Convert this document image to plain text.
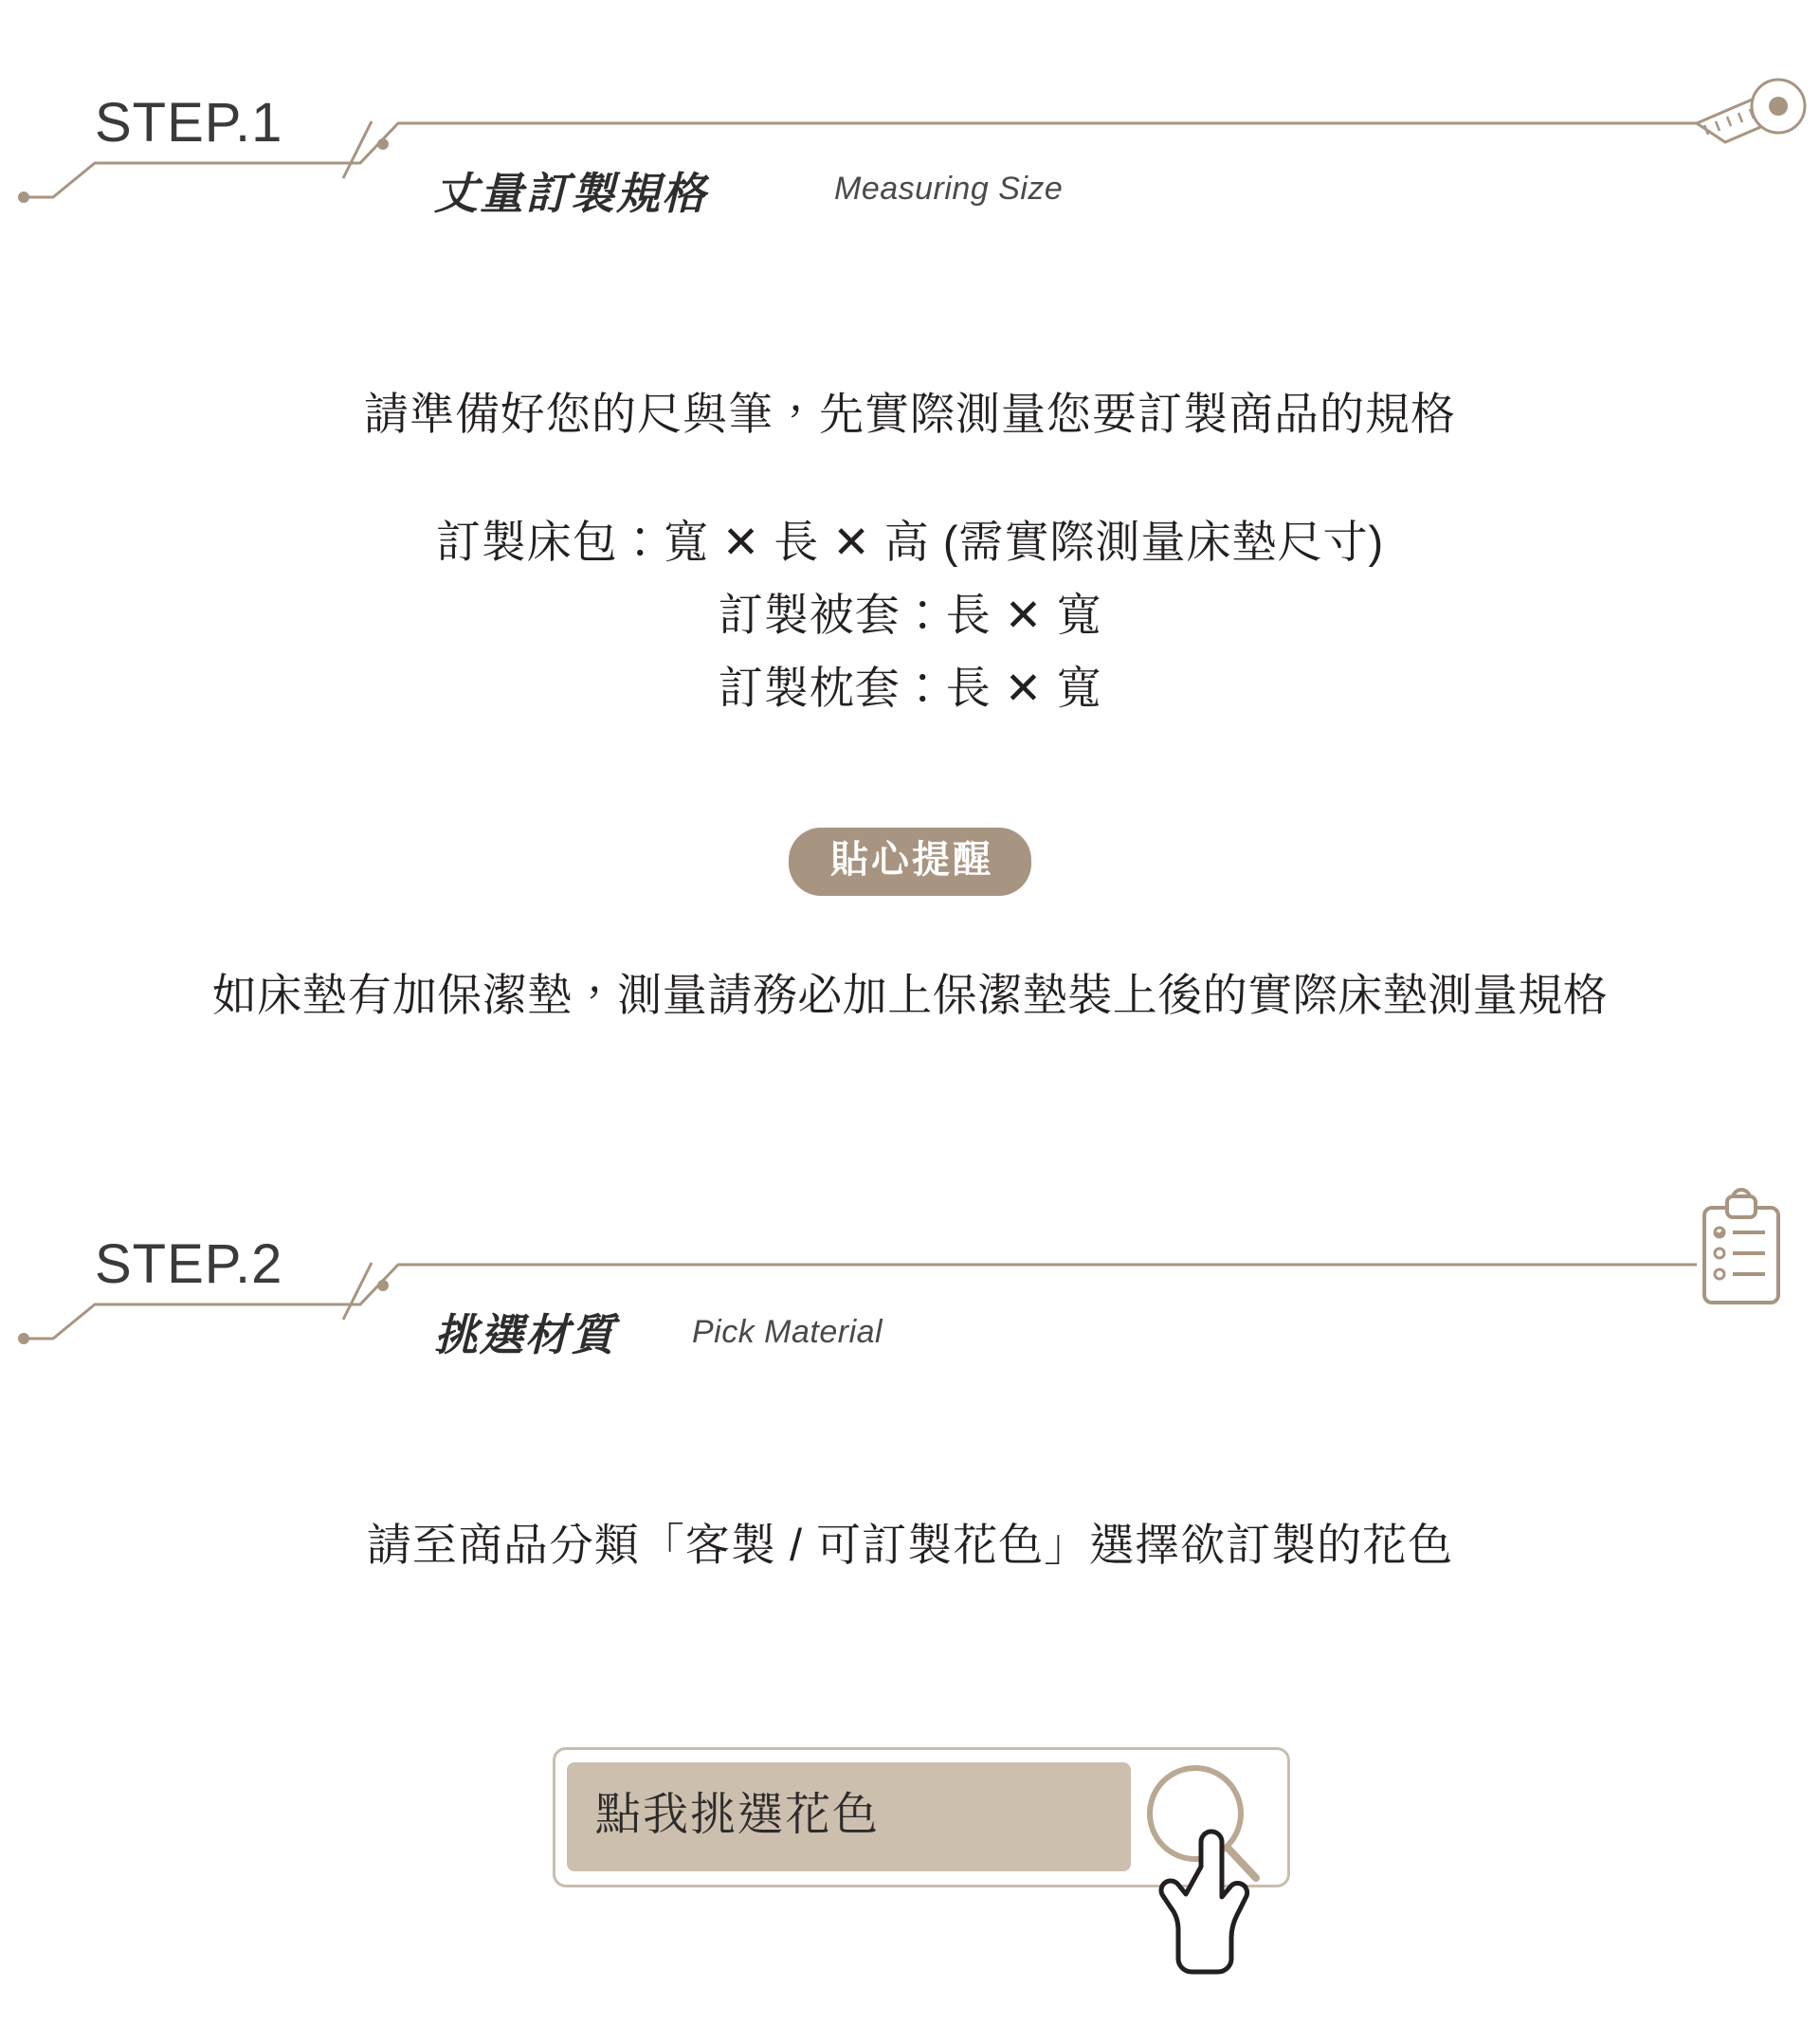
STEP.1
丈量訂製規格	Measuring Size
請準備好您的尺與筆，先實際測量您要訂製商品的規格
訂製床包：寬 ✕ 長 ✕ 高 (需實際測量床墊尺寸)
訂製被套：長 ✕ 寬
訂製枕套：長 ✕ 寬
貼心提醒
如床墊有加保潔墊，測量請務必加上保潔墊裝上後的實際床墊測量規格
STEP.2
挑選材質 Pick Material
請至商品分類「客製 / 可訂製花色」選擇欲訂製的花色
點我挑選花色
